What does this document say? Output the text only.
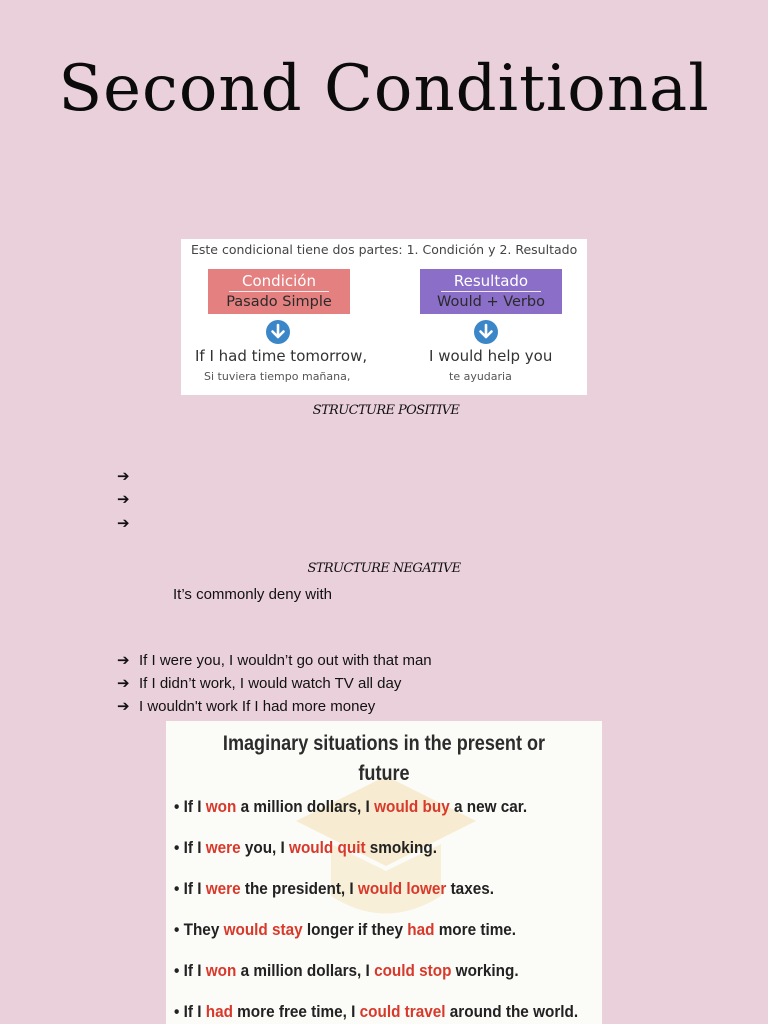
Second Conditional
Este condicional tiene dos partes: 1. Condición y 2. Resultado
Condición
Pasado Simple
Resultado
Would + Verbo
If I had time tomorrow,	I would help you
Si tuviera tiempo mañana,	te ayudaria
STRUCTURE POSITIVE
➔
➔
➔
STRUCTURE NEGATIVE
It’s commonly deny with
➔ If I were you, I wouldn’t go out with that man
➔ If I didn’t work, I would watch TV all day
➔ I wouldn't work If I had more money
Imaginary situations in the present or
future
• If I won a million dollars, I would buy a new car.
• If I were you, I would quit smoking.
• If I were the president, I would lower taxes.
• They would stay longer if they had more time.
• If I won a million dollars, I could stop working.
• If I had more free time, I could travel around the world.
